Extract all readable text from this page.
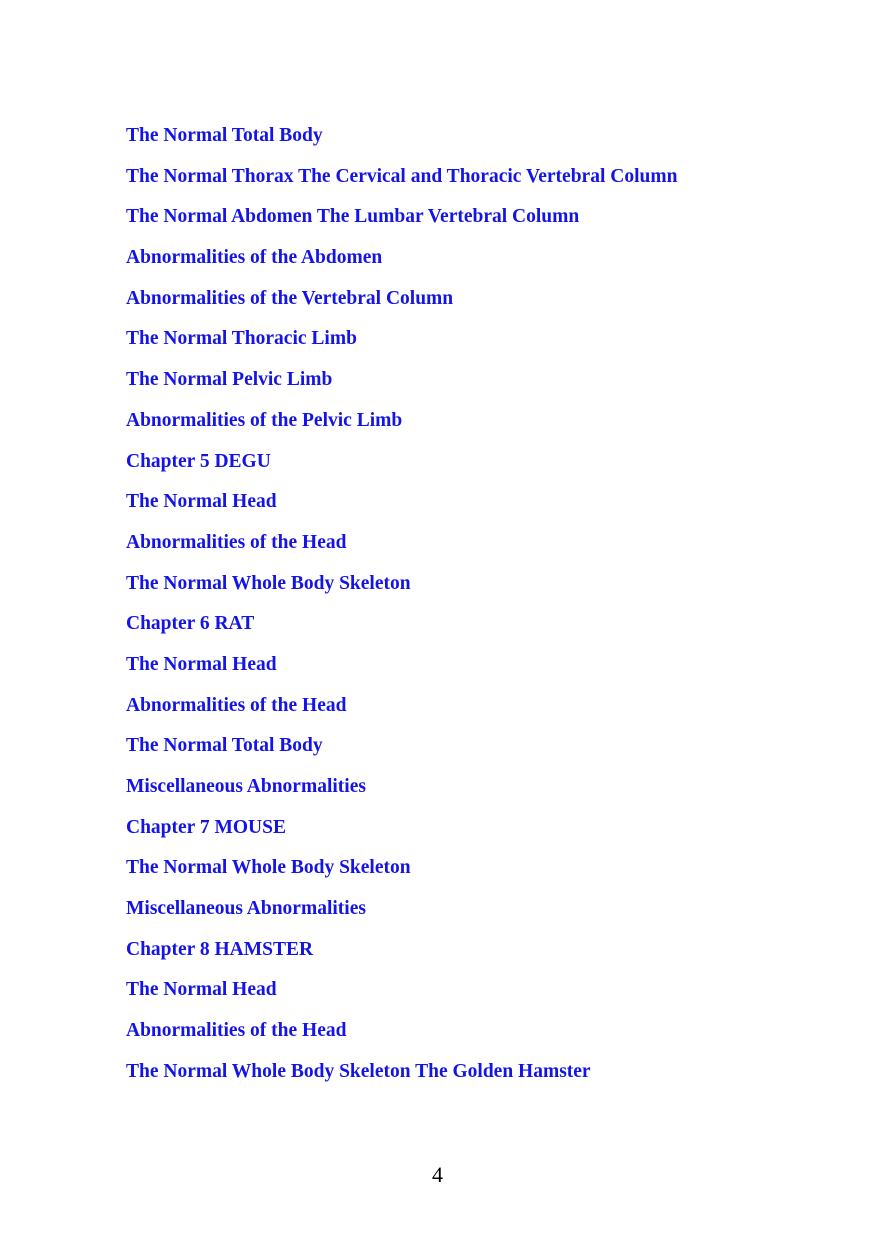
The Normal Total Body
The Normal Thorax The Cervical and Thoracic Vertebral Column
The Normal Abdomen The Lumbar Vertebral Column
Abnormalities of the Abdomen
Abnormalities of the Vertebral Column
The Normal Thoracic Limb
The Normal Pelvic Limb
Abnormalities of the Pelvic Limb
Chapter 5 DEGU
The Normal Head
Abnormalities of the Head
The Normal Whole Body Skeleton
Chapter 6 RAT
The Normal Head
Abnormalities of the Head
The Normal Total Body
Miscellaneous Abnormalities
Chapter 7 MOUSE
The Normal Whole Body Skeleton
Miscellaneous Abnormalities
Chapter 8 HAMSTER
The Normal Head
Abnormalities of the Head
The Normal Whole Body Skeleton The Golden Hamster
4
